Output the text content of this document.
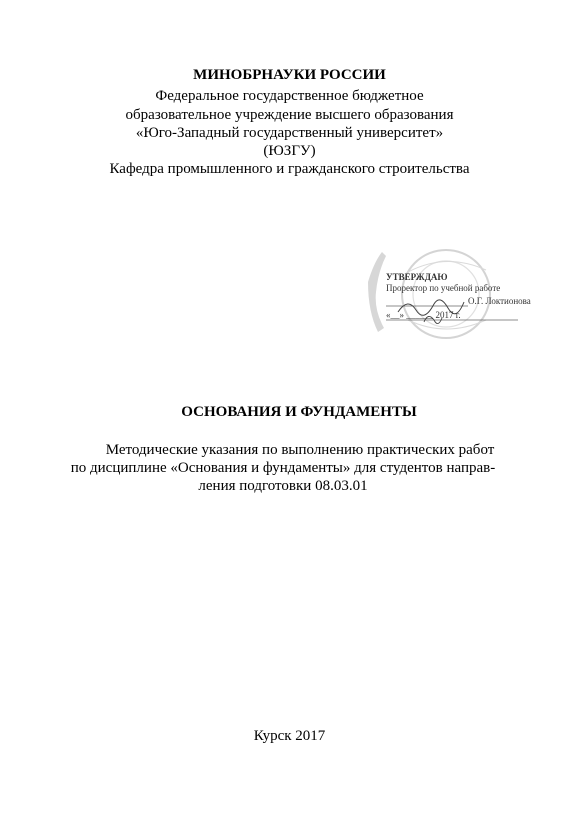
МИНОБРНАУКИ РОССИИ
Федеральное государственное бюджетное
образовательное учреждение высшего образования
«Юго-Западный государственный университет»
(ЮЗГУ)
Кафедра промышленного и гражданского строительства
УТВЕРЖДАЮ
Проректор по учебной работе
О.Г. Локтионова
«__» ______ 2017 г.
ОСНОВАНИЯ И ФУНДАМЕНТЫ
Методические указания по выполнению практических работ
по дисциплине «Основания и фундаменты» для студентов направ-
ления подготовки 08.03.01
Курск 2017
